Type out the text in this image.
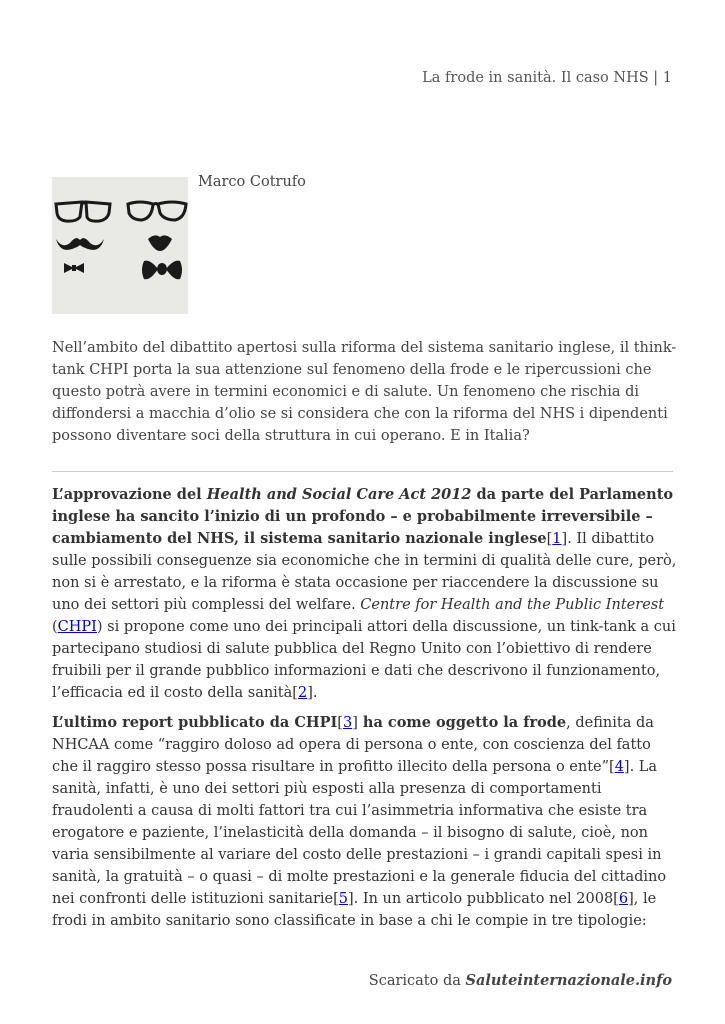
La frode in sanità. Il caso NHS | 1
Marco Cotrufo

Nell’ambito del dibattito apertosi sulla riforma del sistema sanitario inglese, il think-tank CHPI porta la sua attenzione sul fenomeno della frode e le ripercussioni che questo potrà avere in termini economici e di salute. Un fenomeno che rischia di diffondersi a macchia d’olio se si considera che con la riforma del NHS i dipendenti possono diventare soci della struttura in cui operano. E in Italia?

L’approvazione del Health and Social Care Act 2012 da parte del Parlamento inglese ha sancito l’inizio di un profondo – e probabilmente irreversibile – cambiamento del NHS, il sistema sanitario nazionale inglese[1]. Il dibattito sulle possibili conseguenze sia economiche che in termini di qualità delle cure, però, non si è arrestato, e la riforma è stata occasione per riaccendere la discussione su uno dei settori più complessi del welfare. Centre for Health and the Public Interest (CHPI) si propone come uno dei principali attori della discussione, un tink-tank a cui partecipano studiosi di salute pubblica del Regno Unito con l’obiettivo di rendere fruibili per il grande pubblico informazioni e dati che descrivono il funzionamento, l’efficacia ed il costo della sanità[2].

L’ultimo report pubblicato da CHPI[3] ha come oggetto la frode, definita da NHCAA come “raggiro doloso ad opera di persona o ente, con coscienza del fatto che il raggiro stesso possa risultare in profitto illecito della persona o ente”[4]. La sanità, infatti, è uno dei settori più esposti alla presenza di comportamenti fraudolenti a causa di molti fattori tra cui l’asimmetria informativa che esiste tra erogatore e paziente, l’inelasticità della domanda – il bisogno di salute, cioè, non varia sensibilmente al variare del costo delle prestazioni – i grandi capitali spesi in sanità, la gratuità – o quasi – di molte prestazioni e la generale fiducia del cittadino nei confronti delle istituzioni sanitarie[5]. In un articolo pubblicato nel 2008[6], le frodi in ambito sanitario sono classificate in base a chi le compie in tre tipologie:

Scaricato da Saluteinternazionale.info
